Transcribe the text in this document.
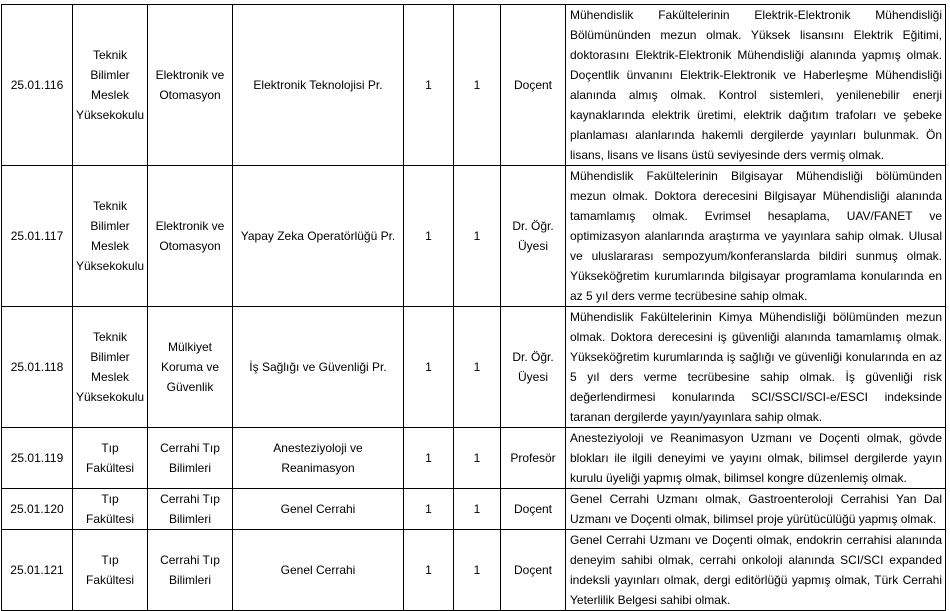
25.01.116	Teknik Bilimler Meslek Yüksekokulu	Elektronik ve Otomasyon	Elektronik Teknolojisi Pr.	1	1	Doçent	Mühendislik Fakültelerinin Elektrik-Elektronik Mühendisliği Bölümününden mezun olmak. Yüksek lisansını Elektrik Eğitimi, doktorasını Elektrik-Elektronik Mühendisliği alanında yapmış olmak. Doçentlik ünvanını Elektrik-Elektronik ve Haberleşme Mühendisliği alanında almış olmak. Kontrol sistemleri, yenilenebilir enerji kaynaklarında elektrik üretimi, elektrik dağıtım trafoları ve şebeke planlaması alanlarında hakemli dergilerde yayınları bulunmak. Ön lisans, lisans ve lisans üstü seviyesinde ders vermiş olmak.
25.01.117	Teknik Bilimler Meslek Yüksekokulu	Elektronik ve Otomasyon	Yapay Zeka Operatörlüğü Pr.	1	1	Dr. Öğr. Üyesi	Mühendislik Fakültelerinin Bilgisayar Mühendisliği bölümünden mezun olmak. Doktora derecesini Bilgisayar Mühendisliği alanında tamamlamış olmak. Evrimsel hesaplama, UAV/FANET ve optimizasyon alanlarında araştırma ve yayınlara sahip olmak. Ulusal ve uluslararası sempozyum/konferanslarda bildiri sunmuş olmak. Yükseköğretim kurumlarında bilgisayar programlama konularında en az 5 yıl ders verme tecrübesine sahip olmak.
25.01.118	Teknik Bilimler Meslek Yüksekokulu	Mülkiyet Koruma ve Güvenlik	İş Sağlığı ve Güvenliği Pr.	1	1	Dr. Öğr. Üyesi	Mühendislik Fakültelerinin Kimya Mühendisliği bölümünden mezun olmak. Doktora derecesini iş güvenliği alanında tamamlamış olmak. Yükseköğretim kurumlarında iş sağlığı ve güvenliği konularında en az 5 yıl ders verme tecrübesine sahip olmak. İş güvenliği risk değerlendirmesi konularında SCI/SSCI/SCI-e/ESCI indeksinde taranan dergilerde yayın/yayınlara sahip olmak.
25.01.119	Tıp Fakültesi	Cerrahi Tıp Bilimleri	Anesteziyoloji ve Reanimasyon	1	1	Profesör	Anesteziyoloji ve Reanimasyon Uzmanı ve Doçenti olmak, gövde blokları ile ilgili deneyimi ve yayını olmak, bilimsel dergilerde yayın kurulu üyeliği yapmış olmak, bilimsel kongre düzenlemiş olmak.
25.01.120	Tıp Fakültesi	Cerrahi Tıp Bilimleri	Genel Cerrahi	1	1	Doçent	Genel Cerrahi Uzmanı olmak, Gastroenteroloji Cerrahisi Yan Dal Uzmanı ve Doçenti olmak, bilimsel proje yürütücülüğü yapmış olmak.
25.01.121	Tıp Fakültesi	Cerrahi Tıp Bilimleri	Genel Cerrahi	1	1	Doçent	Genel Cerrahi Uzmanı ve Doçenti olmak, endokrin cerrahisi alanında deneyim sahibi olmak, cerrahi onkoloji alanında SCI/SCI expanded indeksli yayınları olmak, dergi editörlüğü yapmış olmak, Türk Cerrahi Yeterlilik Belgesi sahibi olmak.
